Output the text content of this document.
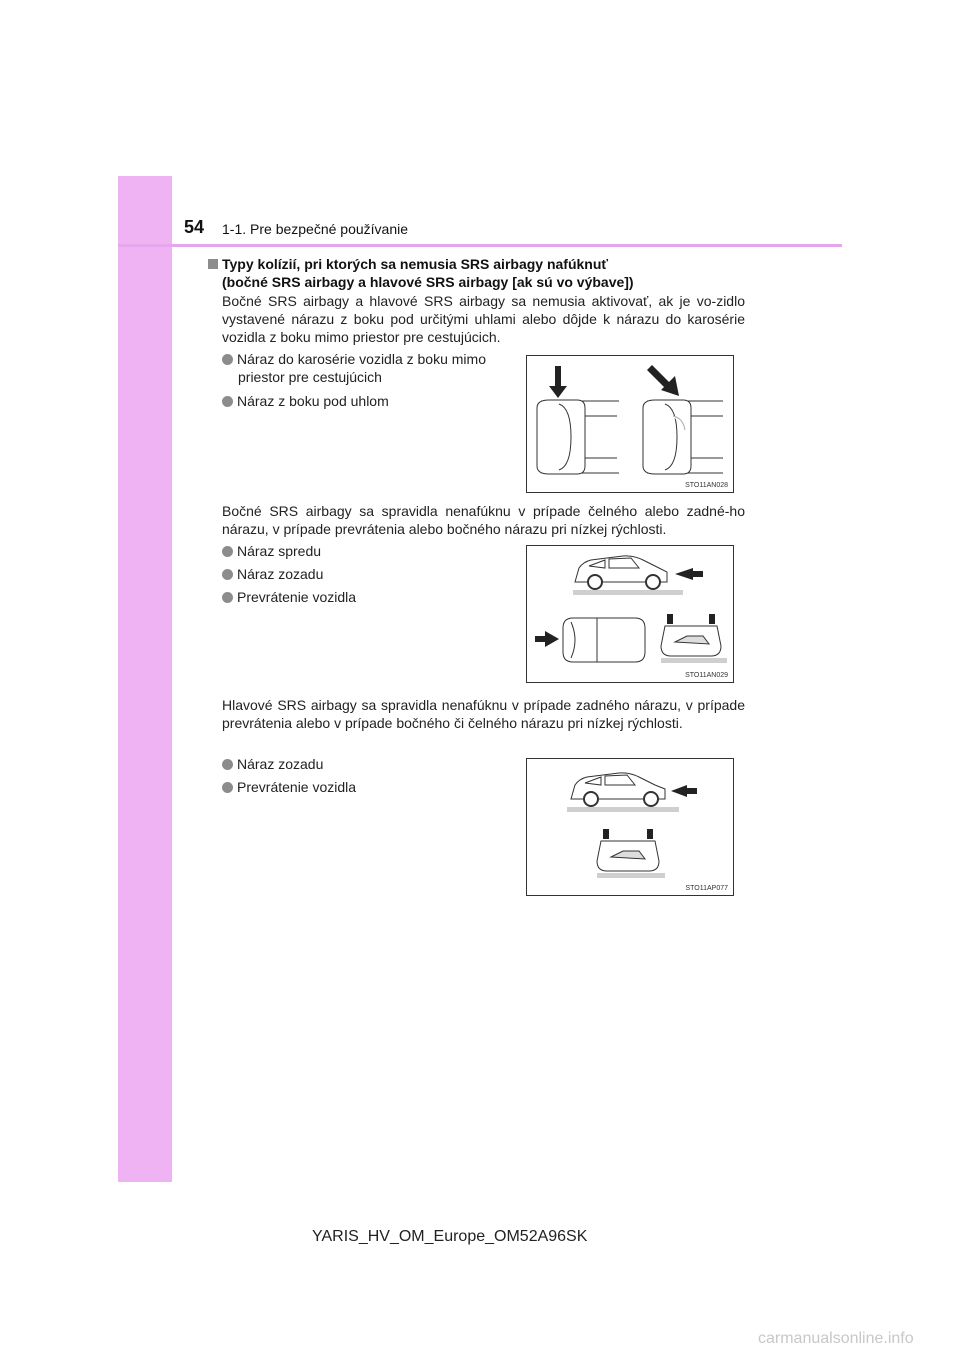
54 1-1. Pre bezpečné používanie
Typy kolízií, pri ktorých sa nemusia SRS airbagy nafúknuť
(bočné SRS airbagy a hlavové SRS airbagy [ak sú vo výbave])
Bočné SRS airbagy a hlavové SRS airbagy sa nemusia aktivovať, ak je vo-zidlo vystavené nárazu z boku pod určitými uhlami alebo dôjde k nárazu do karosérie vozidla z boku mimo priestor pre cestujúcich.
Náraz do karosérie vozidla z boku mimo
priestor pre cestujúcich
Náraz z boku pod uhlom
STO11AN028
Bočné SRS airbagy sa spravidla nenafúknu v prípade čelného alebo zadné-ho nárazu, v prípade prevrátenia alebo bočného nárazu pri nízkej rýchlosti.
Náraz spredu
Náraz zozadu
Prevrátenie vozidla
STO11AN029
Hlavové SRS airbagy sa spravidla nenafúknu v prípade zadného nárazu, v prípade prevrátenia alebo v prípade bočného či čelného nárazu pri nízkej rýchlosti.
Náraz zozadu
Prevrátenie vozidla
STO11AP077
YARIS_HV_OM_Europe_OM52A96SK
carmanualsonline.info
